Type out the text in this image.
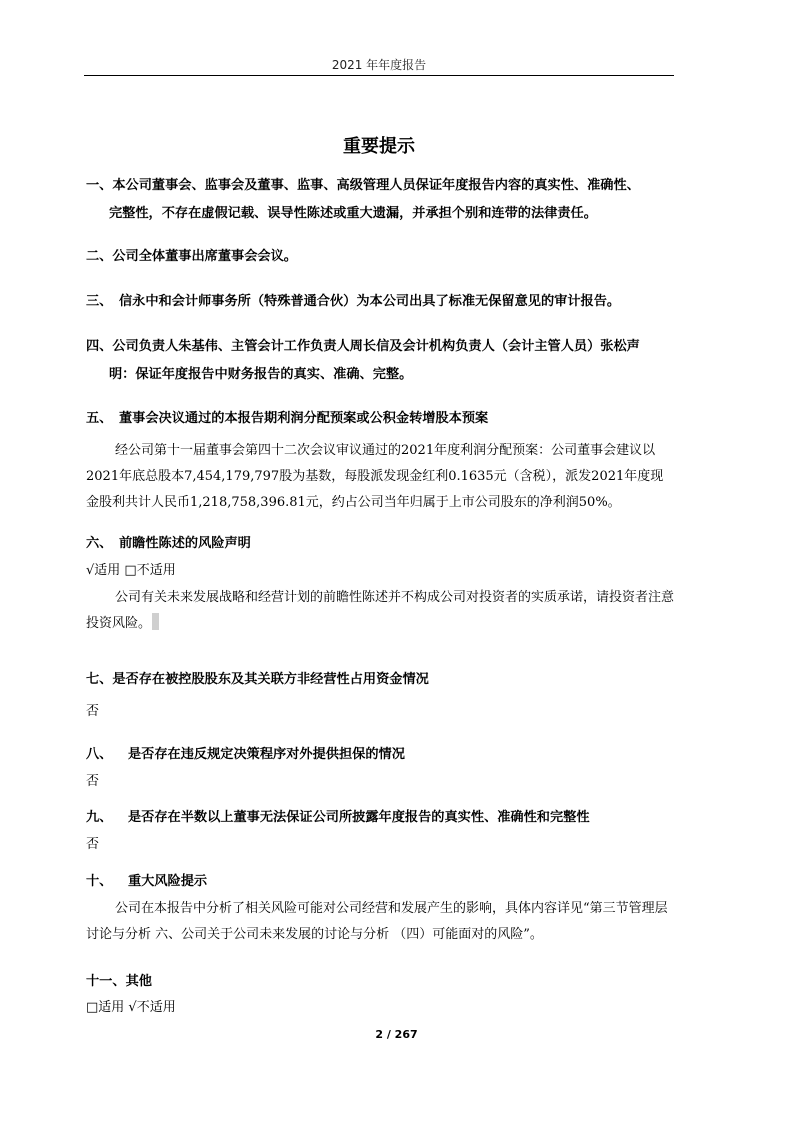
2021 年年度报告
重要提示
一、本公司董事会、监事会及董事、监事、高级管理人员保证年度报告内容的真实性、准确性、
完整性，不存在虚假记载、误导性陈述或重大遗漏，并承担个别和连带的法律责任。
二、公司全体董事出席董事会会议。
三、 信永中和会计师事务所（特殊普通合伙）为本公司出具了标准无保留意见的审计报告。
四、公司负责人朱基伟、主管会计工作负责人周长信及会计机构负责人（会计主管人员）张松声
明：保证年度报告中财务报告的真实、准确、完整。
五、 董事会决议通过的本报告期利润分配预案或公积金转增股本预案
经公司第十一届董事会第四十二次会议审议通过的2021年度利润分配预案：公司董事会建议以2021年底总股本7,454,179,797股为基数，每股派发现金红利0.1635元（含税），派发2021年度现金股利共计人民币1,218,758,396.81元，约占公司当年归属于上市公司股东的净利润50%。
六、 前瞻性陈述的风险声明
√适用 □不适用
公司有关未来发展战略和经营计划的前瞻性陈述并不构成公司对投资者的实质承诺，请投资者注意投资风险。
七、是否存在被控股股东及其关联方非经营性占用资金情况
否
八、 是否存在违反规定决策程序对外提供担保的情况
否
九、 是否存在半数以上董事无法保证公司所披露年度报告的真实性、准确性和完整性
否
十、 重大风险提示
公司在本报告中分析了相关风险可能对公司经营和发展产生的影响，具体内容详见“第三节管理层讨论与分析 六、公司关于公司未来发展的讨论与分析 （四）可能面对的风险”。
十一、其他
□适用 √不适用
2 / 267
